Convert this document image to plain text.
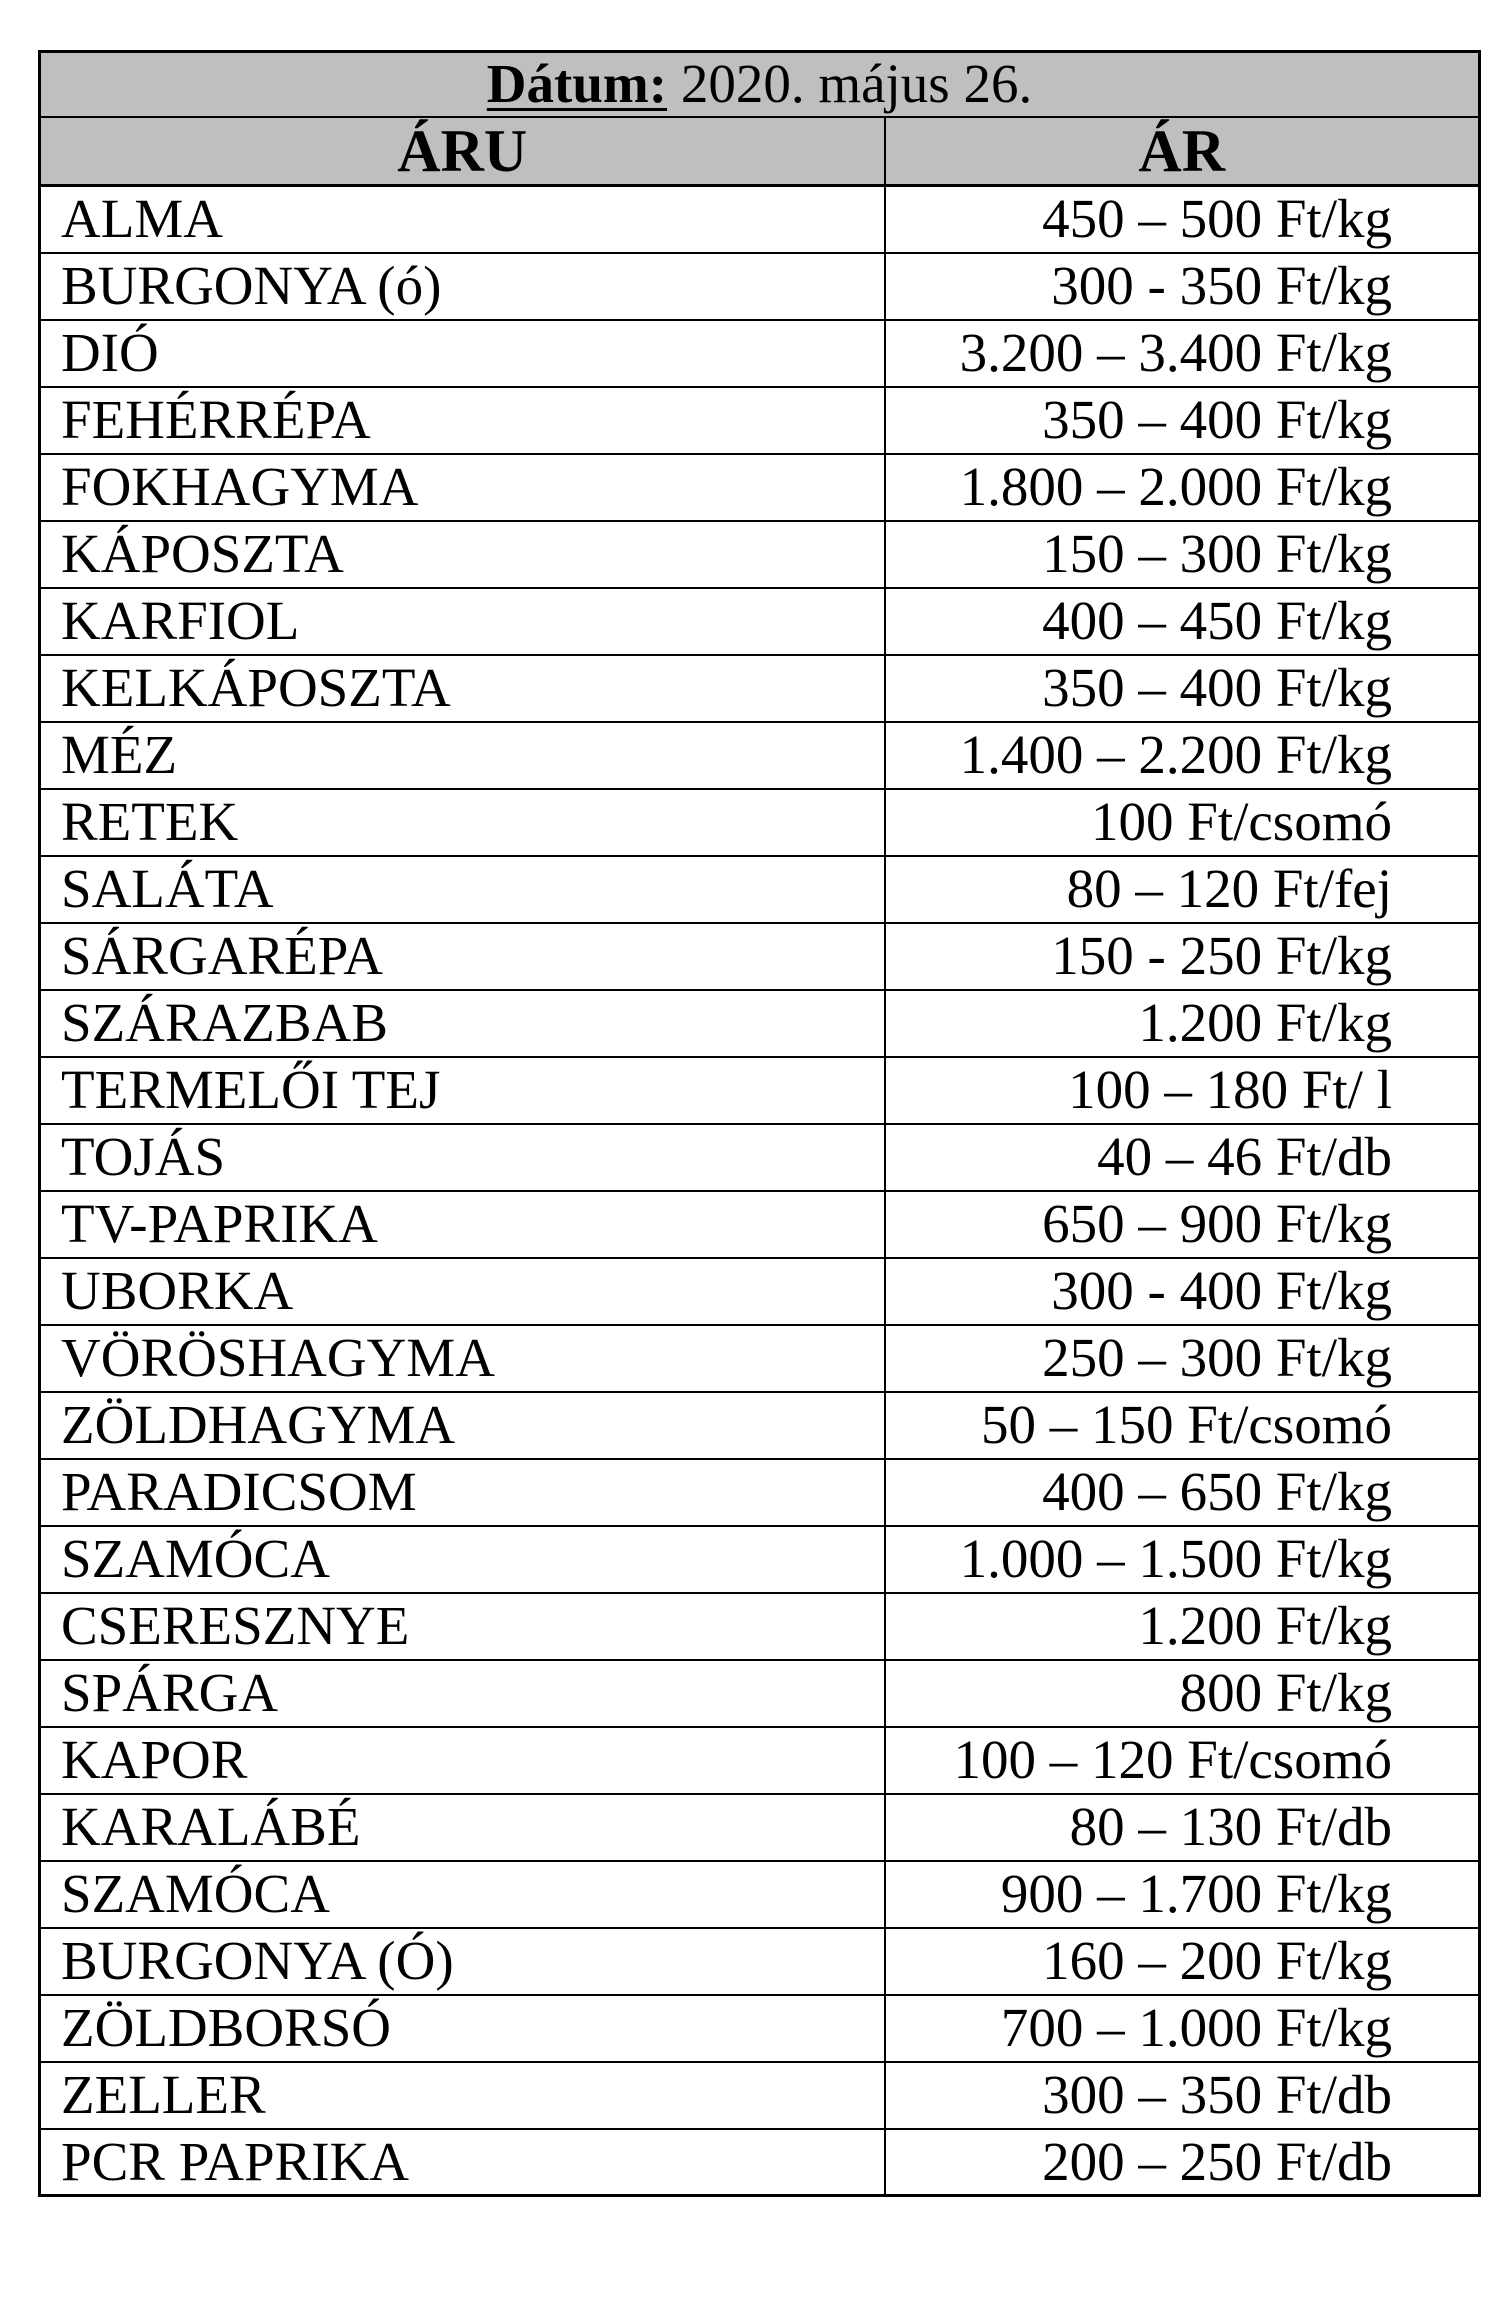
Dátum: 2020. május 26.	
ÁRU	ÁR
ALMA	450 – 500 Ft/kg
BURGONYA (ó)	300 - 350 Ft/kg
DIÓ	3.200 – 3.400 Ft/kg
FEHÉRRÉPA	350 – 400 Ft/kg
FOKHAGYMA	1.800 – 2.000 Ft/kg
KÁPOSZTA	150 – 300 Ft/kg
KARFIOL	400 – 450 Ft/kg
KELKÁPOSZTA	350 – 400 Ft/kg
MÉZ	1.400 – 2.200 Ft/kg
RETEK	100 Ft/csomó
SALÁTA	80 – 120 Ft/fej
SÁRGARÉPA	150 - 250 Ft/kg
SZÁRAZBAB	1.200 Ft/kg
TERMELŐI TEJ	100 – 180 Ft/ l
TOJÁS	40 – 46 Ft/db
TV-PAPRIKA	650 – 900 Ft/kg
UBORKA	300 - 400 Ft/kg
VÖRÖSHAGYMA	250 – 300 Ft/kg
ZÖLDHAGYMA	50 – 150 Ft/csomó
PARADICSOM	400 – 650 Ft/kg
SZAMÓCA	1.000 – 1.500 Ft/kg
CSERESZNYE	1.200 Ft/kg
SPÁRGA	800 Ft/kg
KAPOR	100 – 120 Ft/csomó
KARALÁBÉ	80 – 130 Ft/db
SZAMÓCA	900 – 1.700 Ft/kg
BURGONYA (Ó)	160 – 200 Ft/kg
ZÖLDBORSÓ	700 – 1.000 Ft/kg
ZELLER	300 – 350 Ft/db
PCR PAPRIKA	200 – 250 Ft/db
